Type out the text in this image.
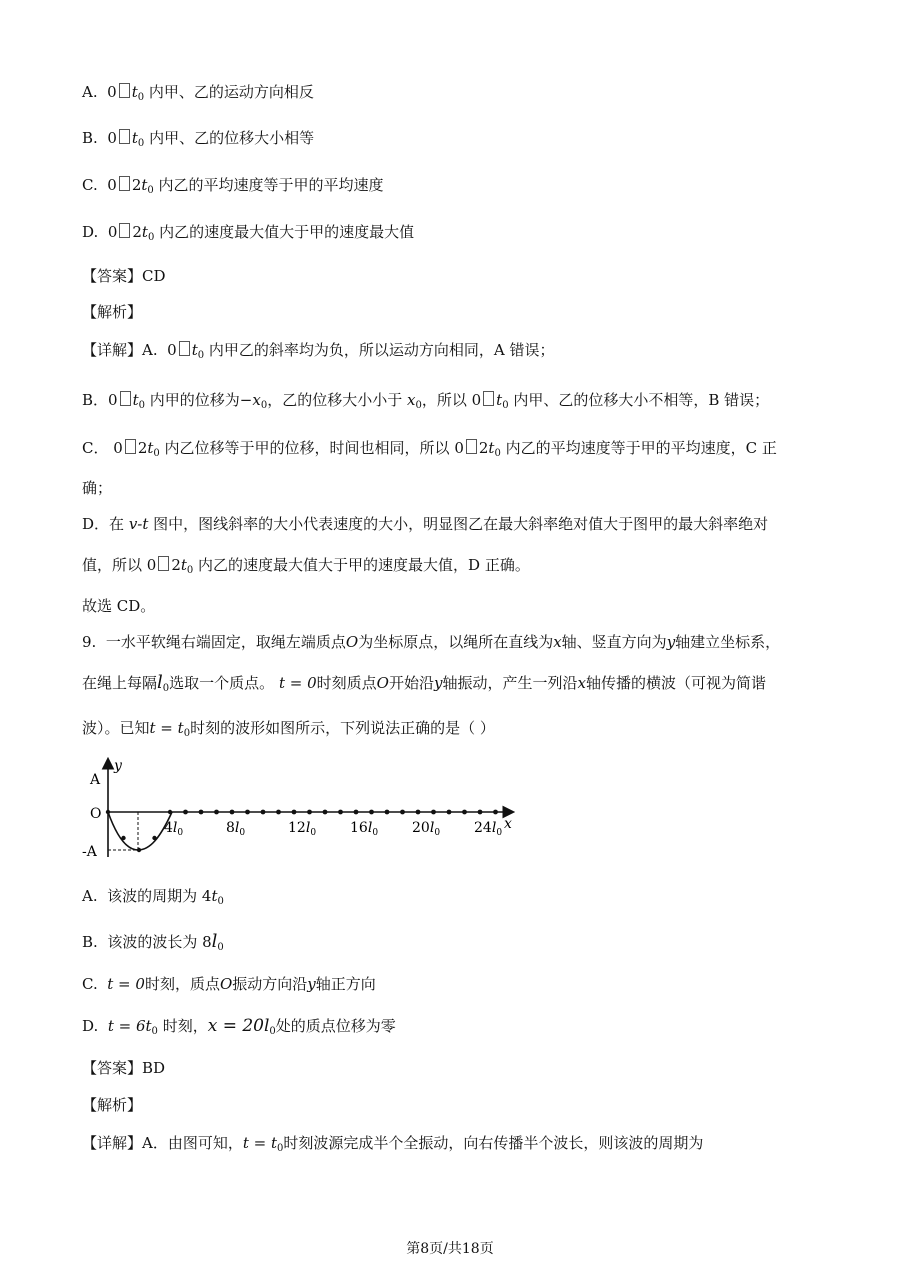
A. 0 $t_0$ 内甲、乙的运动方向相反
B. 0 $t_0$ 内甲、乙的位移大小相等
C. 0 $2t_0$ 内乙的平均速度等于甲的平均速度
D. 0 $2t_0$ 内乙的速度最大值大于甲的速度最大值
【答案】CD
【解析】
【详解】A. 0 $t_0$ 内甲乙的斜率均为负，所以运动方向相同，A 错误；
B．0 $t_0$ 内甲的位移为$-x_0$，乙的位移大小小于 $x_0$，所以 0 $t_0$ 内甲、乙的位移大小不相等，B 错误；
C． 0 $2t_0$ 内乙位移等于甲的位移，时间也相同，所以 0 $2t_0$ 内乙的平均速度等于甲的平均速度，C 正
确；
D．在 v-t 图中，图线斜率的大小代表速度的大小，明显图乙在最大斜率绝对值大于图甲的最大斜率绝对
值，所以 0 $2t_0$ 内乙的速度最大值大于甲的速度最大值，D 正确。
故选 CD。
9. 一水平软绳右端固定，取绳左端质点O为坐标原点，以绳所在直线为x轴、竖直方向为y轴建立坐标系，
在绳上每隔$l_0$选取一个质点。 t = 0时刻质点O开始沿y轴振动，产生一列沿x轴传播的横波（可视为简谐
波）。已知$t = t_0$时刻的波形如图所示，下列说法正确的是（ ）
y
A
O
-A
x
$4l_0$	$8l_0$	$12l_0$ $16l_0$ $20l_0$ $24l_0$
A. 该波的周期为 $4t_0$
B. 该波的波长为 $8l_0$
C. t = 0时刻，质点O振动方向沿y轴正方向
D. $t = 6t_0$ 时刻，$x = 20l_0$处的质点位移为零
【答案】BD
【解析】
【详解】A．由图可知，$t = t_0$时刻波源完成半个全振动，向右传播半个波长，则该波的周期为
第8页/共18页
